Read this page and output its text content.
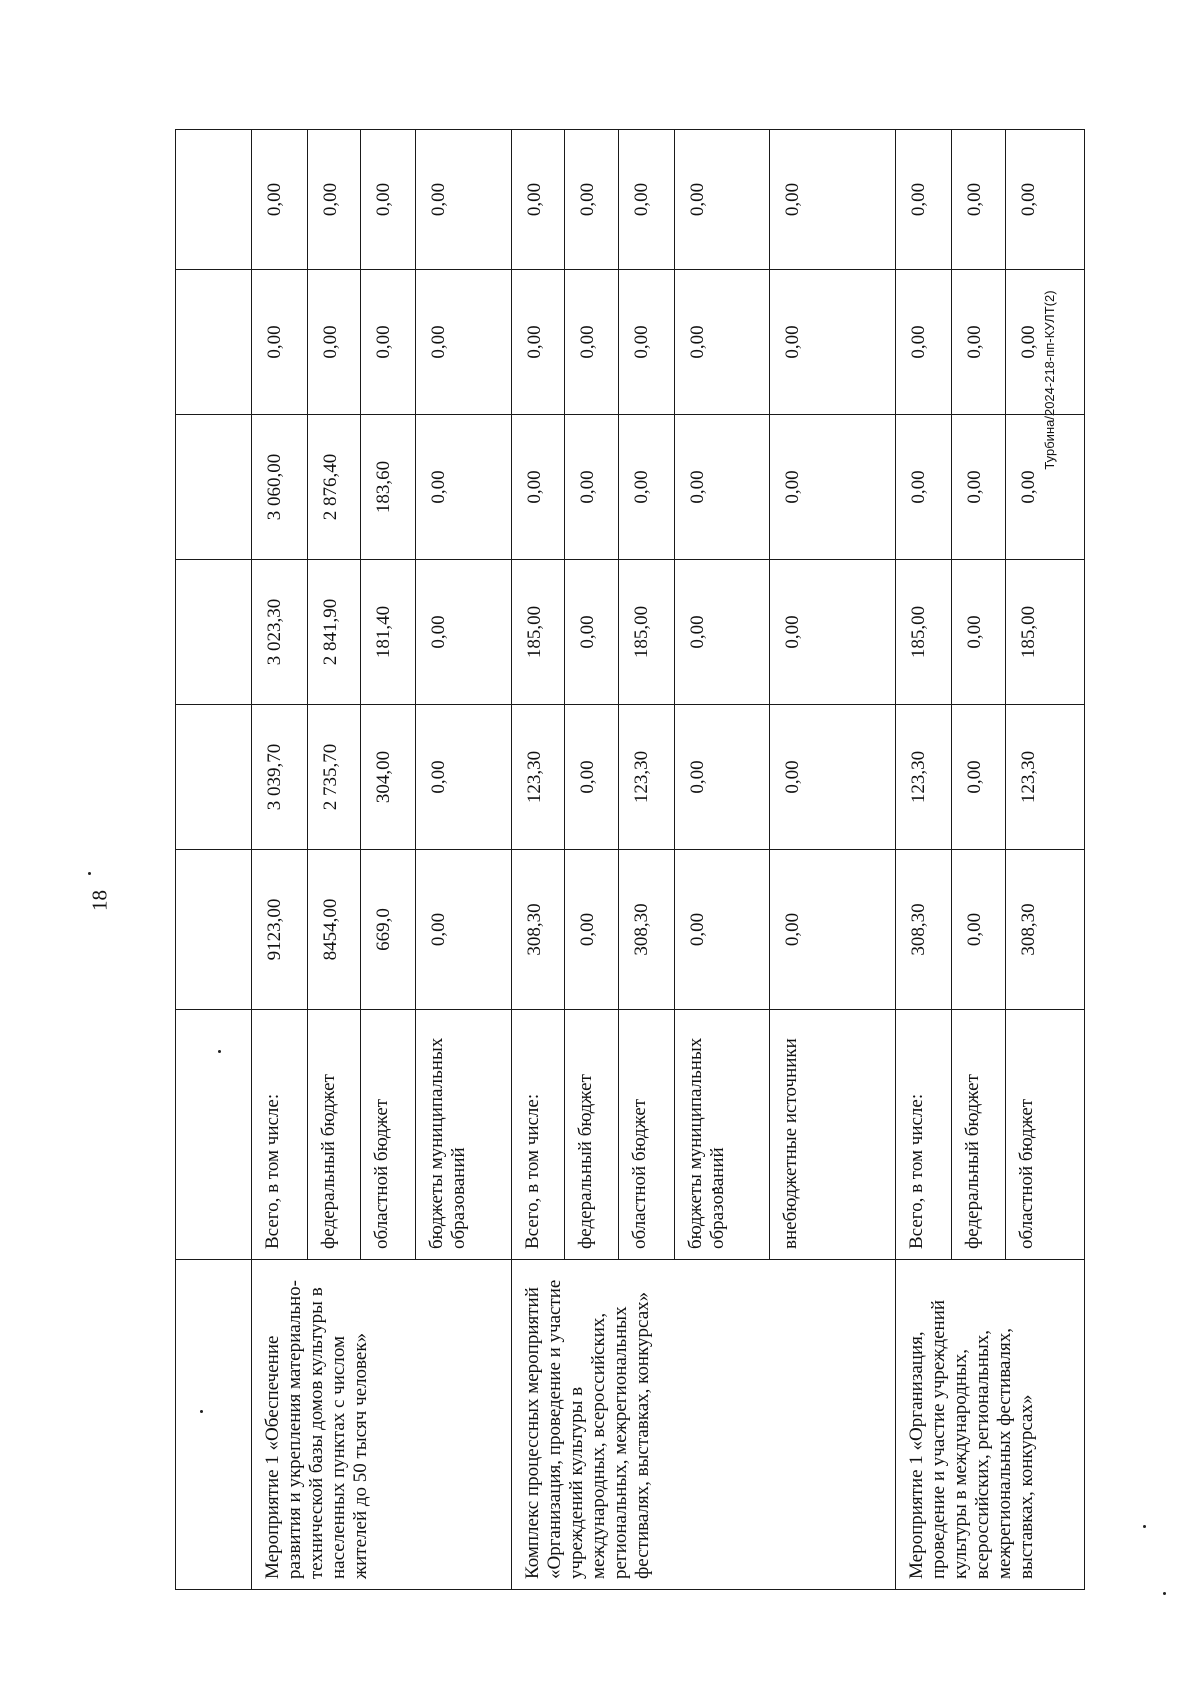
18
Турбина/2024-218-пп-КУЛТ(2)

Мероприятие 1 «Обеспечение развития и укрепления материально-технической базы домов культуры в населенных пунктах с числом жителей до 50 тысяч человек»	Всего, в том числе:	9123,00	3 039,70	3 023,30	3 060,00	0,00	0,00
	федеральный бюджет	8454,00	2 735,70	2 841,90	2 876,40	0,00	0,00
	областной бюджет	669,0	304,00	181,40	183,60	0,00	0,00
	бюджеты муниципальных образований	0,00	0,00	0,00	0,00	0,00	0,00
Комплекс процессных мероприятий «Организация, проведение и участие учреждений культуры в международных, всероссийских, региональных, межрегиональных фестивалях, выставках, конкурсах»	Всего, в том числе:	308,30	123,30	185,00	0,00	0,00	0,00
	федеральный бюджет	0,00	0,00	0,00	0,00	0,00	0,00
	областной бюджет	308,30	123,30	185,00	0,00	0,00	0,00
	бюджеты муниципальных образований	0,00	0,00	0,00	0,00	0,00	0,00
	внебюджетные источники	0,00	0,00	0,00	0,00	0,00	0,00
Мероприятие 1 «Организация, проведение и участие учреждений культуры в международных, всероссийских, региональных, межрегиональных фестивалях, выставках, конкурсах»	Всего, в том числе:	308,30	123,30	185,00	0,00	0,00	0,00
	федеральный бюджет	0,00	0,00	0,00	0,00	0,00	0,00
	областной бюджет	308,30	123,30	185,00	0,00	0,00	0,00
